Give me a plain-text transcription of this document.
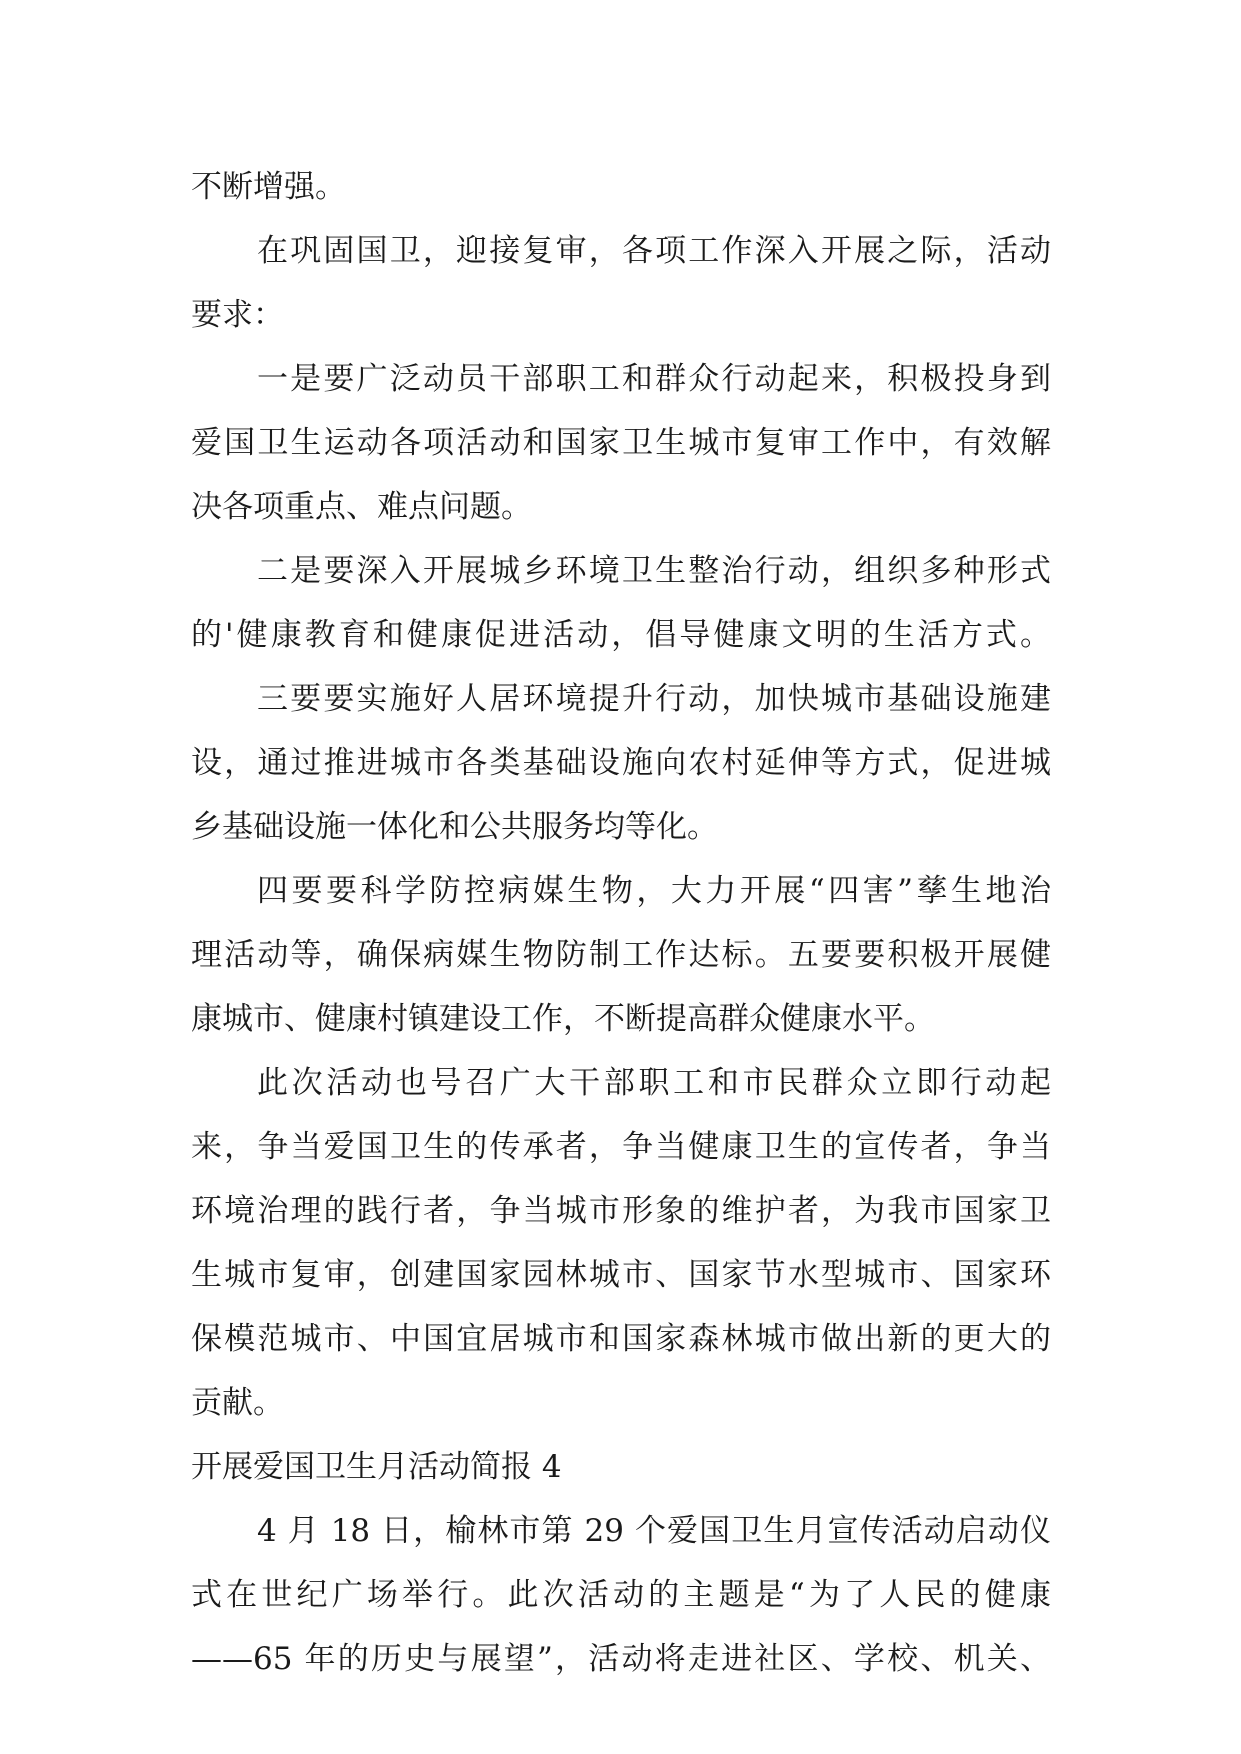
不断增强。
在巩固国卫，迎接复审，各项工作深入开展之际，活动
要求：
一是要广泛动员干部职工和群众行动起来，积极投身到
爱国卫生运动各项活动和国家卫生城市复审工作中，有效解
决各项重点、难点问题。
二是要深入开展城乡环境卫生整治行动，组织多种形式
的'健康教育和健康促进活动，倡导健康文明的生活方式。
三要要实施好人居环境提升行动，加快城市基础设施建
设，通过推进城市各类基础设施向农村延伸等方式，促进城
乡基础设施一体化和公共服务均等化。
四要要科学防控病媒生物，大力开展“四害”孳生地治
理活动等，确保病媒生物防制工作达标。五要要积极开展健
康城市、健康村镇建设工作，不断提高群众健康水平。
此次活动也号召广大干部职工和市民群众立即行动起
来，争当爱国卫生的传承者，争当健康卫生的宣传者，争当
环境治理的践行者，争当城市形象的维护者，为我市国家卫
生城市复审，创建国家园林城市、国家节水型城市、国家环
保模范城市、中国宜居城市和国家森林城市做出新的更大的
贡献。
开展爱国卫生月活动简报 4
4 月 18 日，榆林市第 29 个爱国卫生月宣传活动启动仪
式在世纪广场举行。此次活动的主题是“为了人民的健康
——65 年的历史与展望”，活动将走进社区、学校、机关、
